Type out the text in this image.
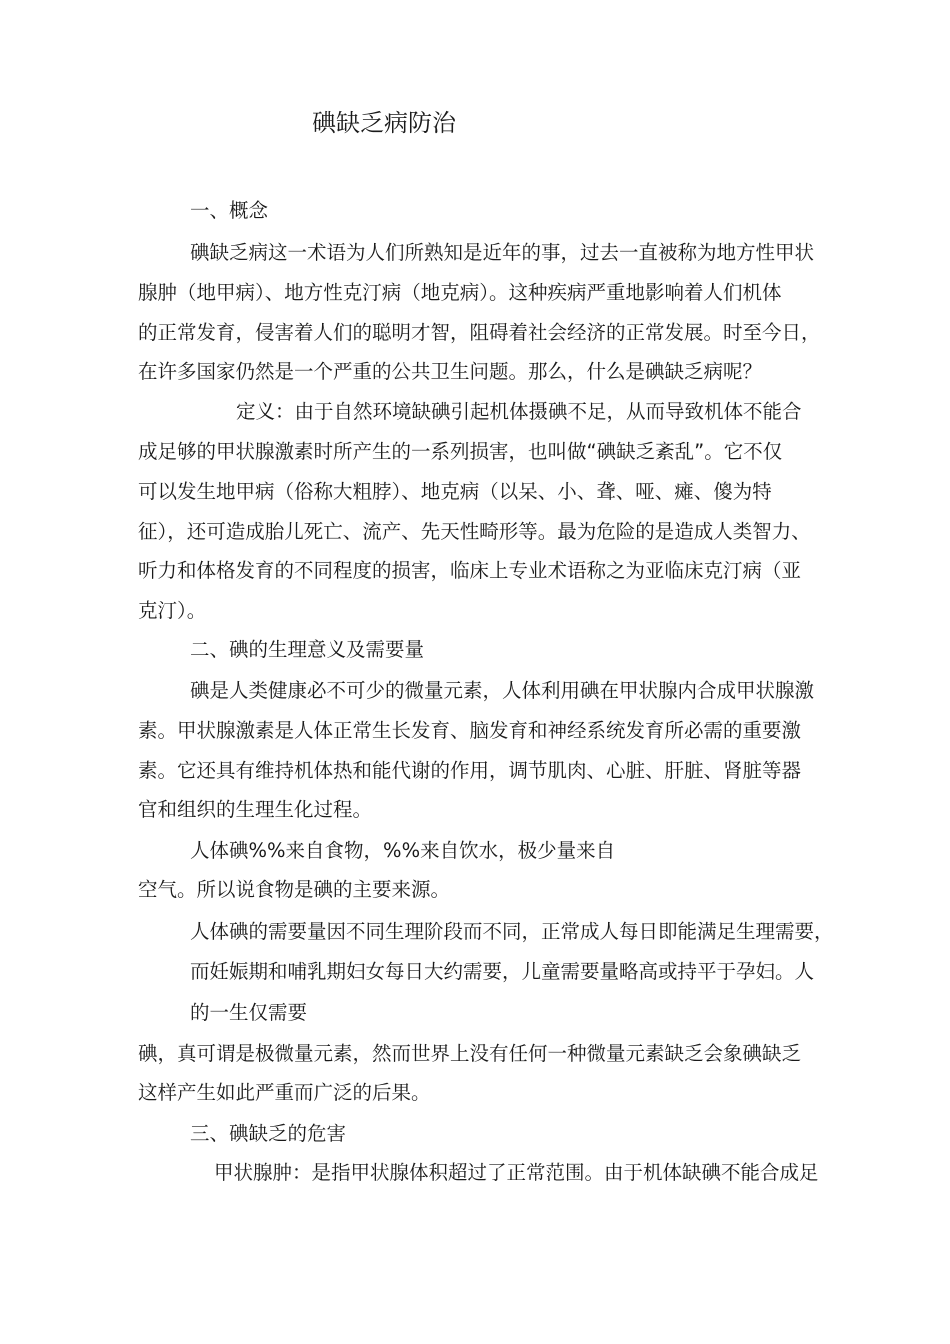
碘缺乏病防治
一、概念
碘缺乏病这一术语为人们所熟知是近年的事，过去一直被称为地方性甲状
腺肿（地甲病）、地方性克汀病（地克病）。这种疾病严重地影响着人们机体
的正常发育，侵害着人们的聪明才智，阻碍着社会经济的正常发展。时至今日，
在许多国家仍然是一个严重的公共卫生问题。那么，什么是碘缺乏病呢？
定义：由于自然环境缺碘引起机体摄碘不足，从而导致机体不能合
成足够的甲状腺激素时所产生的一系列损害，也叫做“碘缺乏紊乱”。它不仅
可以发生地甲病（俗称大粗脖）、地克病（以呆、小、聋、哑、瘫、傻为特
征），还可造成胎儿死亡、流产、先天性畸形等。最为危险的是造成人类智力、
听力和体格发育的不同程度的损害，临床上专业术语称之为亚临床克汀病（亚
克汀）。
二、碘的生理意义及需要量
碘是人类健康必不可少的微量元素，人体利用碘在甲状腺内合成甲状腺激
素。甲状腺激素是人体正常生长发育、脑发育和神经系统发育所必需的重要激
素。它还具有维持机体热和能代谢的作用，调节肌肉、心脏、肝脏、肾脏等器
官和组织的生理生化过程。
人体碘%%来自食物，%%来自饮水，极少量来自
空气。所以说食物是碘的主要来源。
人体碘的需要量因不同生理阶段而不同，正常成人每日即能满足生理需要，
而妊娠期和哺乳期妇女每日大约需要，儿童需要量略高或持平于孕妇。人
的一生仅需要
碘，真可谓是极微量元素，然而世界上没有任何一种微量元素缺乏会象碘缺乏
这样产生如此严重而广泛的后果。
三、碘缺乏的危害
甲状腺肿：是指甲状腺体积超过了正常范围。由于机体缺碘不能合成足
